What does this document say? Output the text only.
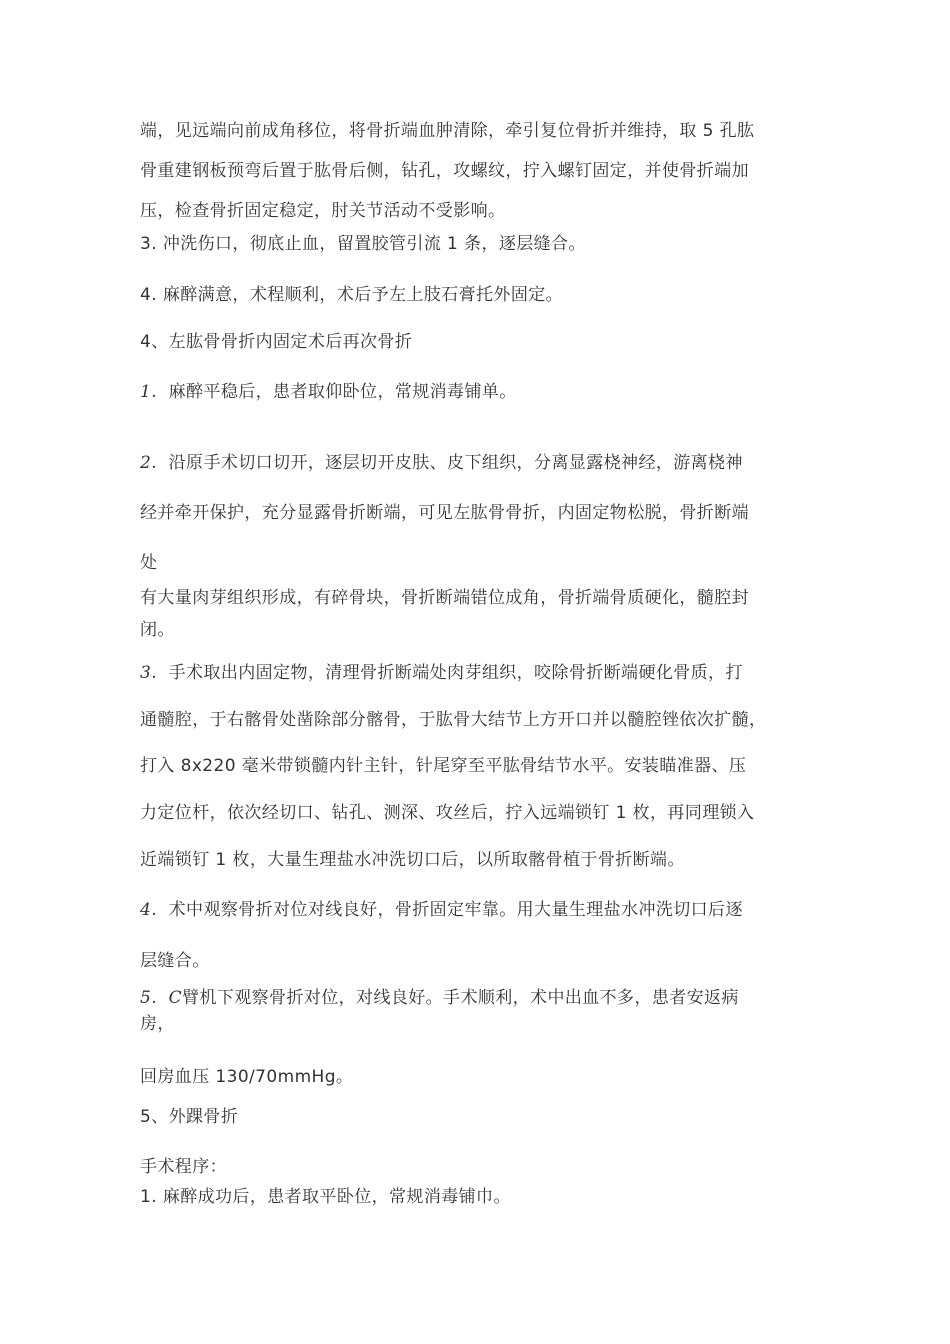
端，见远端向前成角移位，将骨折端血肿清除，牵引复位骨折并维持，取 5 孔肱
骨重建钢板预弯后置于肱骨后侧，钻孔，攻螺纹，拧入螺钉固定，并使骨折端加
压，检查骨折固定稳定，肘关节活动不受影响。
3. 冲洗伤口，彻底止血，留置胶管引流 1 条，逐层缝合。
4. 麻醉满意，术程顺利，术后予左上肢石膏托外固定。
4、左肱骨骨折内固定术后再次骨折
1. 麻醉平稳后，患者取仰卧位，常规消毒铺单。
2. 沿原手术切口切开，逐层切开皮肤、皮下组织，分离显露桡神经，游离桡神
经并牵开保护，充分显露骨折断端，可见左肱骨骨折，内固定物松脱，骨折断端
处
有大量肉芽组织形成，有碎骨块，骨折断端错位成角，骨折端骨质硬化，髓腔封
闭。
3. 手术取出内固定物，清理骨折断端处肉芽组织，咬除骨折断端硬化骨质，打
通髓腔，于右髂骨处凿除部分髂骨，于肱骨大结节上方开口并以髓腔锉依次扩髓，
打入 8x220 毫米带锁髓内针主针，针尾穿至平肱骨结节水平。安装瞄准器、压
力定位杆，依次经切口、钻孔、测深、攻丝后，拧入远端锁钉 1 枚，再同理锁入
近端锁钉 1 枚，大量生理盐水冲洗切口后，以所取髂骨植于骨折断端。
4. 术中观察骨折对位对线良好，骨折固定牢靠。用大量生理盐水冲洗切口后逐
层缝合。
5. C臂机下观察骨折对位，对线良好。手术顺利，术中出血不多，患者安返病
房，
回房血压 130/70mmHg。
5、外踝骨折
手术程序：
1. 麻醉成功后，患者取平卧位，常规消毒铺巾。
